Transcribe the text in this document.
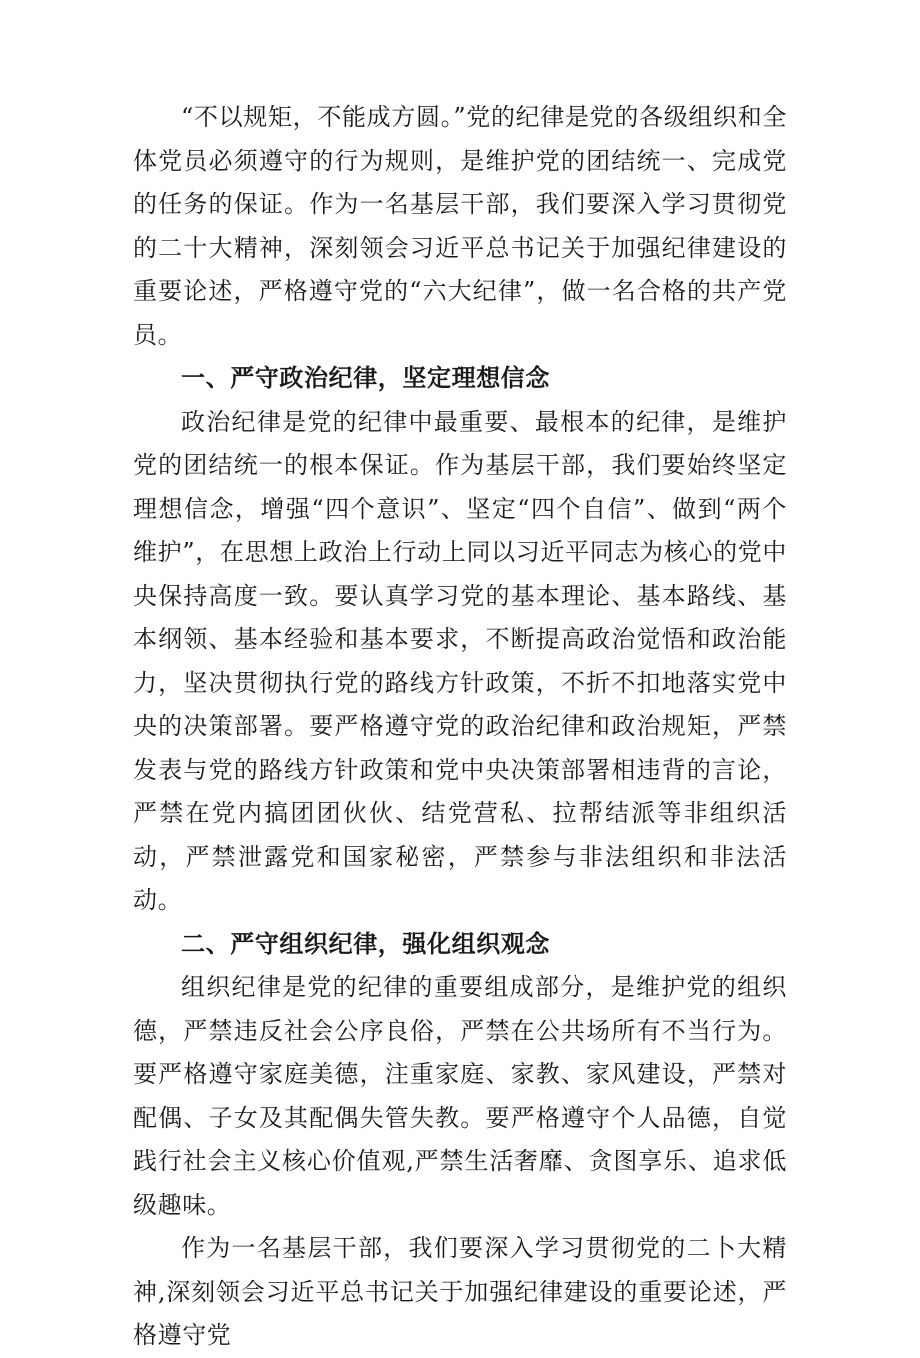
“不以规矩，不能成方圆。”党的纪律是党的各级组织和全体党员必须遵守的行为规则，是维护党的团结统一、完成党的任务的保证。作为一名基层干部，我们要深入学习贯彻党的二十大精神，深刻领会习近平总书记关于加强纪律建设的重要论述，严格遵守党的“六大纪律”，做一名合格的共产党员。

一、严守政治纪律，坚定理想信念

政治纪律是党的纪律中最重要、最根本的纪律，是维护党的团结统一的根本保证。作为基层干部，我们要始终坚定理想信念，增强“四个意识”、坚定“四个自信”、做到“两个维护”，在思想上政治上行动上同以习近平同志为核心的党中央保持高度一致。要认真学习党的基本理论、基本路线、基本纲领、基本经验和基本要求，不断提高政治觉悟和政治能力，坚决贯彻执行党的路线方针政策，不折不扣地落实党中央的决策部署。要严格遵守党的政治纪律和政治规矩，严禁发表与党的路线方针政策和党中央决策部署相违背的言论，严禁在党内搞团团伙伙、结党营私、拉帮结派等非组织活动，严禁泄露党和国家秘密，严禁参与非法组织和非法活动。

二、严守组织纪律，强化组织观念

组织纪律是党的纪律的重要组成部分，是维护党的组织德，严禁违反社会公序良俗，严禁在公共场所有不当行为。要严格遵守家庭美德，注重家庭、家教、家风建设，严禁对配偶、子女及其配偶失管失教。要严格遵守个人品德，自觉践行社会主义核心价值观,严禁生活奢靡、贪图享乐、追求低级趣味。

作为一名基层干部，我们要深入学习贯彻党的二卜大精神,深刻领会习近平总书记关于加强纪律建设的重要论述，严格遵守党
